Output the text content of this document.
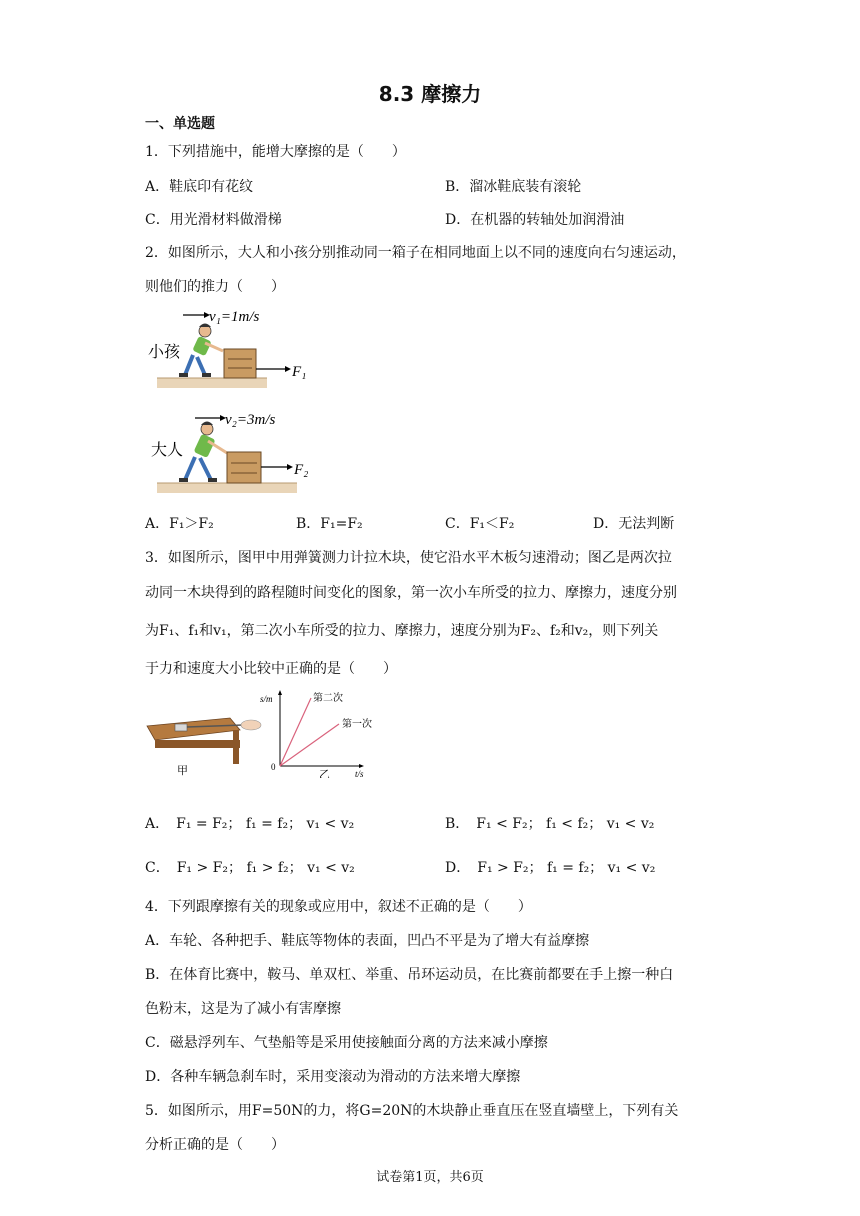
8.3 摩擦力
一、单选题
1．下列措施中，能增大摩擦的是（　　）
A．鞋底印有花纹	B．溜冰鞋底装有滚轮
C．用光滑材料做滑梯	D．在机器的转轴处加润滑油
2．如图所示，大人和小孩分别推动同一箱子在相同地面上以不同的速度向右匀速运动，
则他们的推力（　　）
F₁
v₁=1m/s
小孩
F₂
v₂=3m/s
大人
A．F₁＞F₂	B．F₁=F₂	C．F₁＜F₂	D．无法判断
3．如图所示，图甲中用弹簧测力计拉木块，使它沿水平木板匀速滑动；图乙是两次拉
动同一木块得到的路程随时间变化的图象，第一次小车所受的拉力、摩擦力，速度分别
为F₁、f₁和v₁，第二次小车所受的拉力、摩擦力，速度分别为F₂、f₂和v₂，则下列关
于力和速度大小比较中正确的是（　　）
甲
s/m
t/s
0
第二次
第一次
乙
A．　F₁ = F₂； f₁ = f₂； v₁ < v₂	B．　F₁ < F₂； f₁ < f₂； v₁ < v₂
C．　F₁ > F₂； f₁ > f₂； v₁ < v₂	D．　F₁ > F₂； f₁ = f₂； v₁ < v₂
4．下列跟摩擦有关的现象或应用中，叙述不正确的是（　　）
A．车轮、各种把手、鞋底等物体的表面，凹凸不平是为了增大有益摩擦
B．在体育比赛中，鞍马、单双杠、举重、吊环运动员，在比赛前都要在手上擦一种白
色粉末，这是为了减小有害摩擦
C．磁悬浮列车、气垫船等是采用使接触面分离的方法来减小摩擦
D．各种车辆急刹车时，采用变滚动为滑动的方法来增大摩擦
5．如图所示，用F=50N的力，将G=20N的木块静止垂直压在竖直墙壁上，下列有关
分析正确的是（　　）
试卷第1页，共6页
